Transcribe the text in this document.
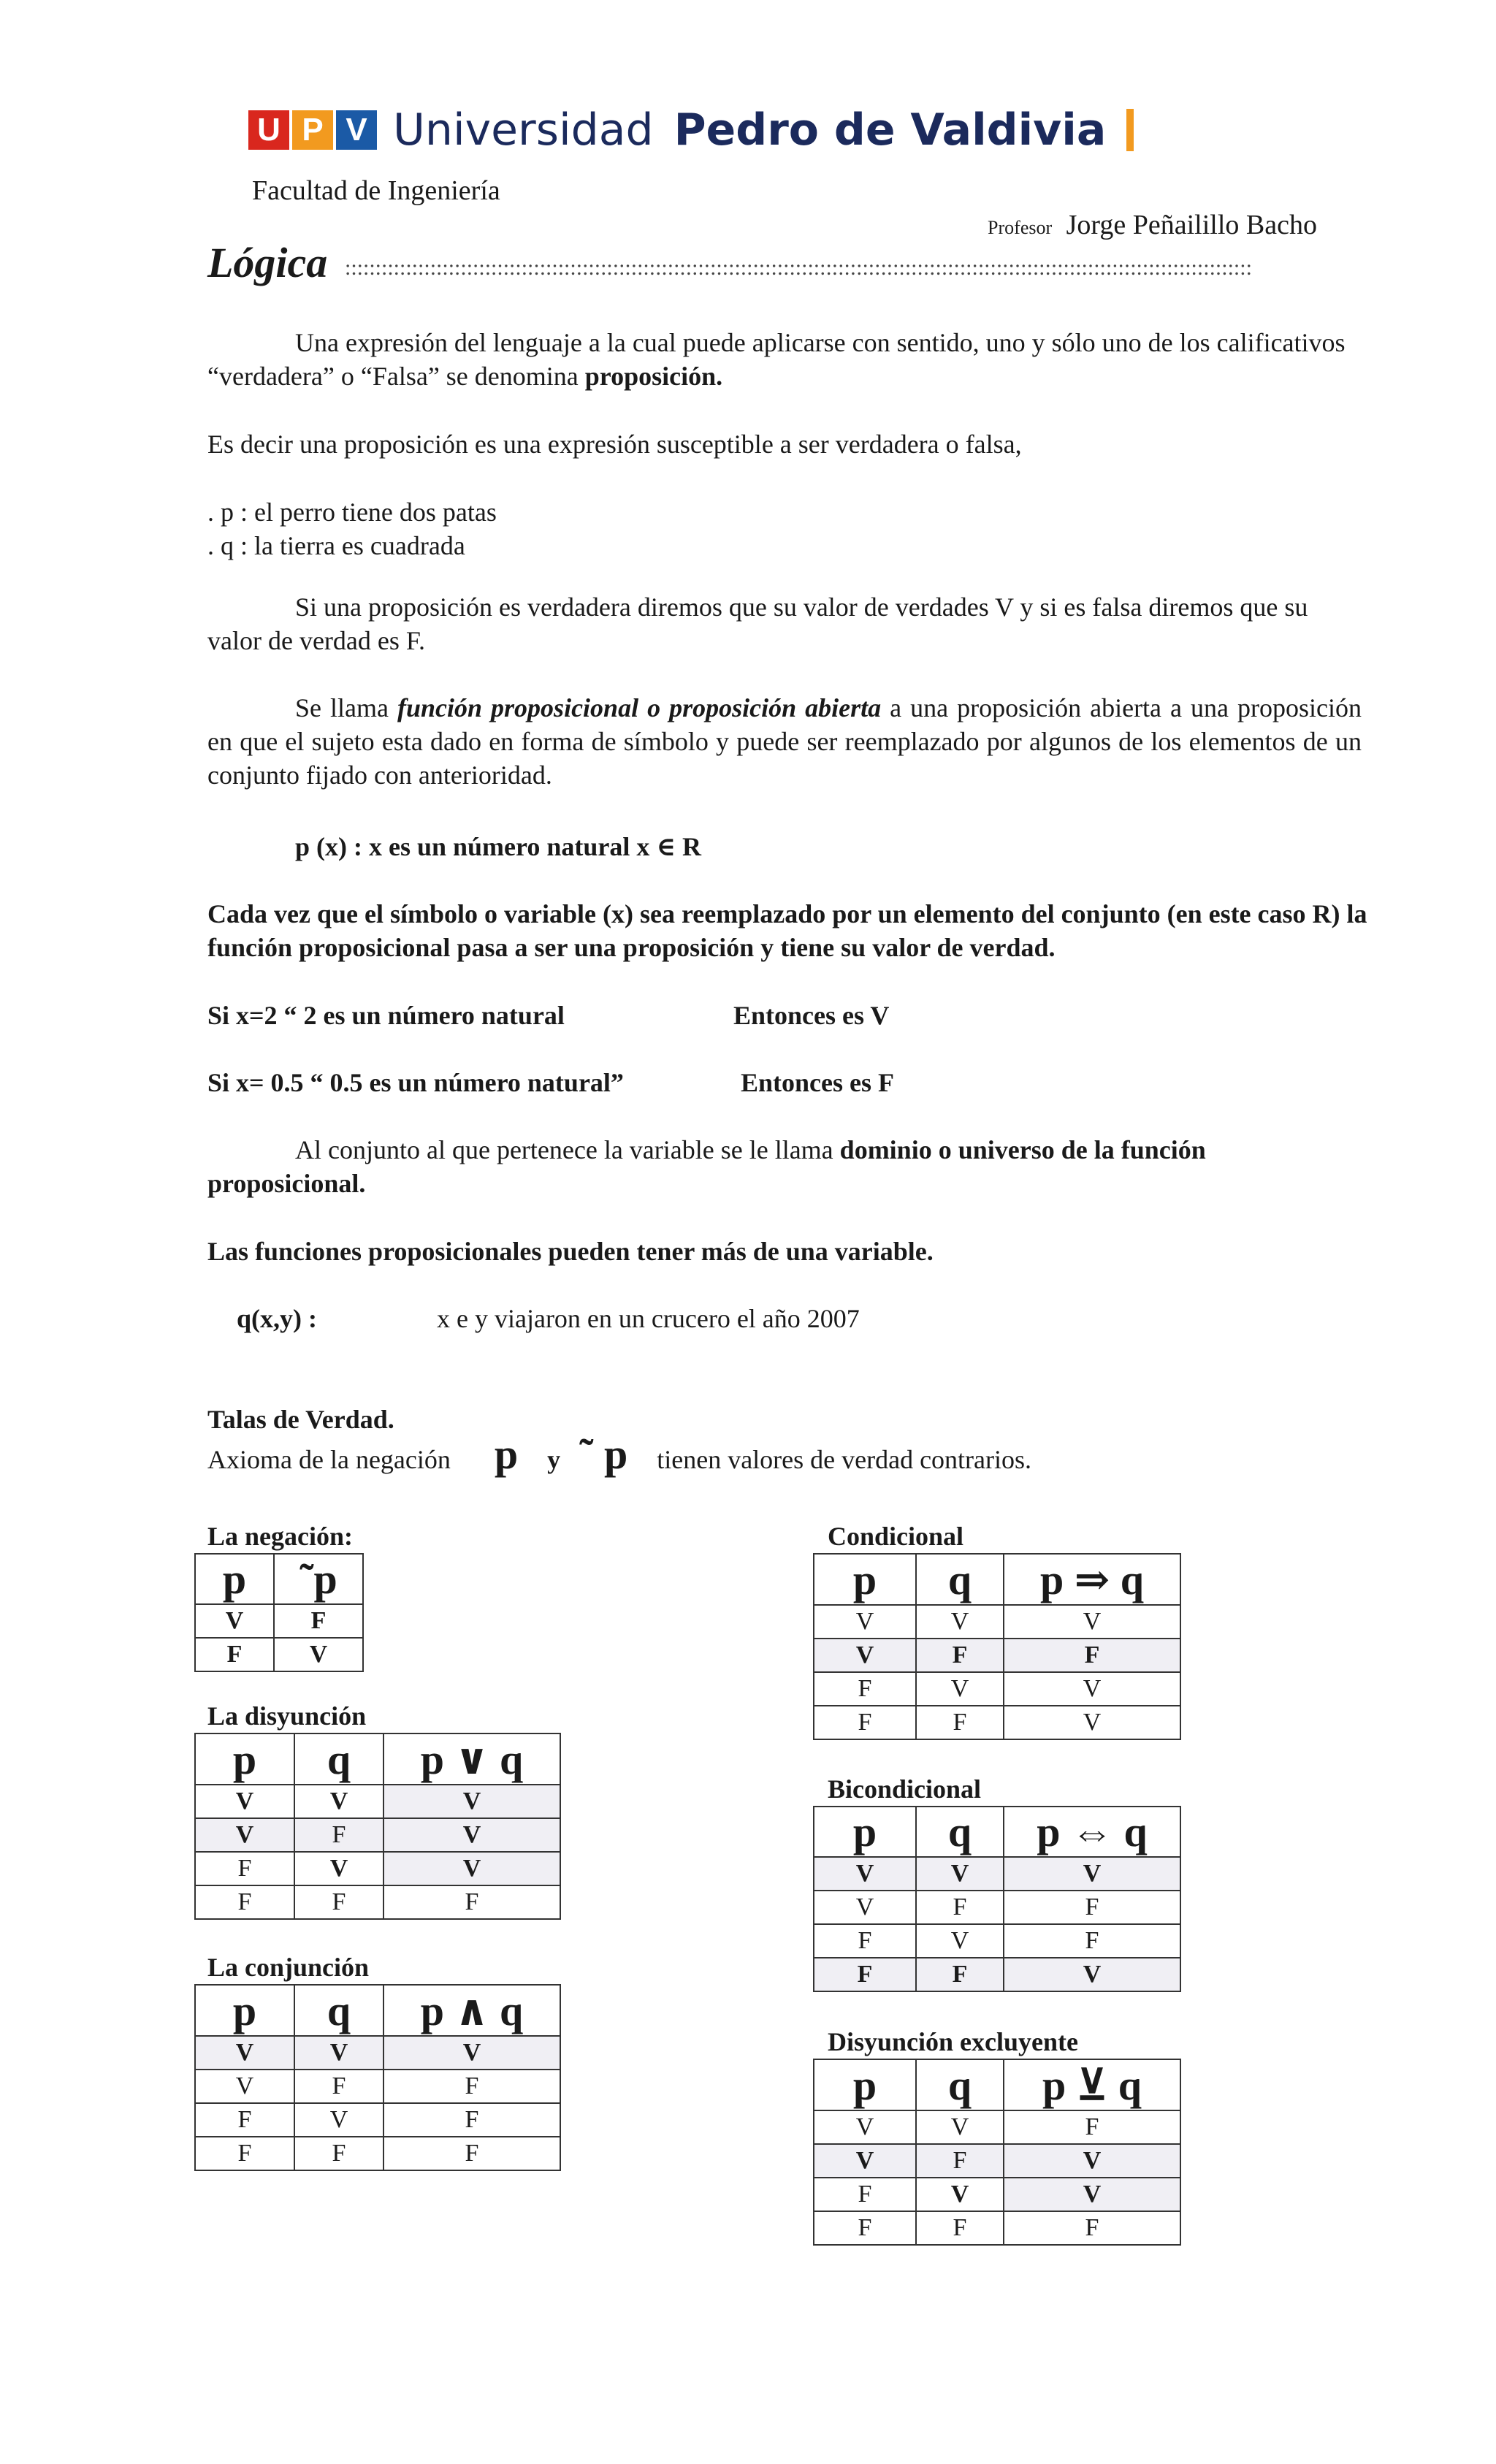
U P V Universidad Pedro de Valdivia
Facultad de Ingeniería
Profesor Jorge Peñailillo Bacho
Lógica :::::::::::::::::::::::::::::::::::::::::::::::::::::::::::::::::::::::::::::::::::::::::::::::::::::::::::::::::::::::::::::::::::::::::::::::::::::
Una expresión del lenguaje a la cual puede aplicarse con sentido, uno y sólo uno de los calificativos “verdadera” o “Falsa” se denomina proposición.
Es decir una proposición es una expresión susceptible a ser verdadera o falsa,
. p : el perro tiene dos patas
. q : la tierra es cuadrada
Si una proposición es verdadera diremos que su valor de verdades V y si es falsa diremos que su valor de verdad es F.
Se llama función proposicional o proposición abierta a una proposición abierta a una proposición en que el sujeto esta dado en forma de símbolo y puede ser reemplazado por algunos de los elementos de un conjunto fijado con anterioridad.
p (x) : x es un número natural x ∈ R
Cada vez que el símbolo o variable (x) sea reemplazado por un elemento del conjunto (en este caso R) la función proposicional pasa a ser una proposición y tiene su valor de verdad.
Si x=2 “ 2 es un número natural	Entonces es V
Si x= 0.5 “ 0.5 es un número natural”	Entonces es F
Al conjunto al que pertenece la variable se le llama dominio o universo de la función proposicional.
Las funciones proposicionales pueden tener más de una variable.
q(x,y) :	x e y viajaron en un crucero el año 2007
Talas de Verdad.
Axioma de la negación p y ˜ p tienen valores de verdad contrarios.
La negación:
p	˜p
V	F
F	V
La disyunción
p	q	p ∨ q
V	V	V
V	F	V
F	V	V
F	F	F
La conjunción
p	q	p ∧ q
V	V	V
V	F	F
F	V	F
F	F	F
Condicional
p	q	p ⇒ q
V	V	V
V	F	F
F	V	V
F	F	V
Bicondicional
p	q	p ⇔ q
V	V	V
V	F	F
F	V	F
F	F	V
Disyunción excluyente
p	q	p ⊻ q
V	V	F
V	F	V
F	V	V
F	F	F
